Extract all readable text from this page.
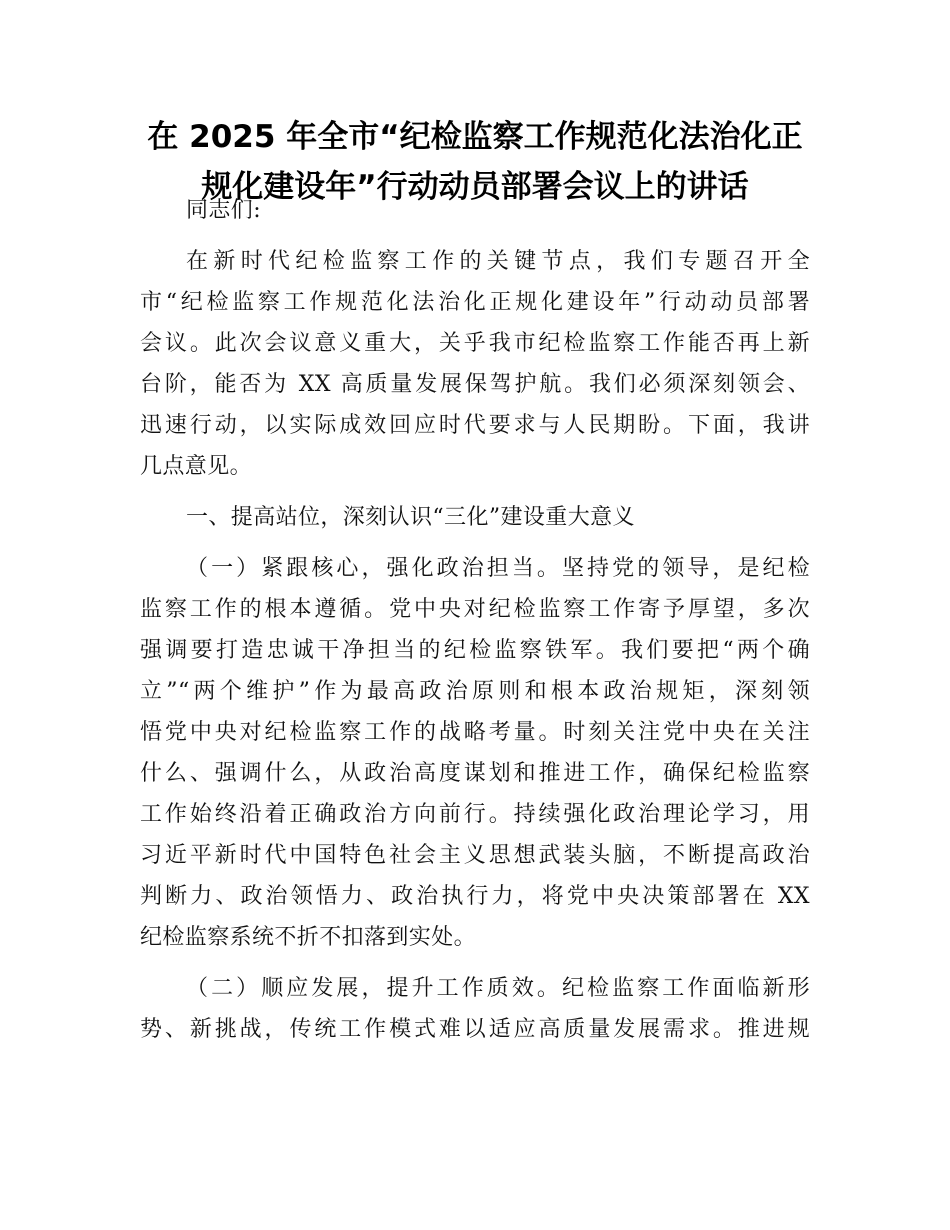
在 2025 年全市“纪检监察工作规范化法治化正
规化建设年”行动动员部署会议上的讲话
同志们:
在新时代纪检监察工作的关键节点，我们专题召开全
市“纪检监察工作规范化法治化正规化建设年”行动动员部署
会议。此次会议意义重大，关乎我市纪检监察工作能否再上新
台阶，能否为 XX 高质量发展保驾护航。我们必须深刻领会、
迅速行动，以实际成效回应时代要求与人民期盼。下面，我讲
几点意见。
一、提高站位，深刻认识“三化”建设重大意义
（一）紧跟核心，强化政治担当。坚持党的领导，是纪检
监察工作的根本遵循。党中央对纪检监察工作寄予厚望，多次
强调要打造忠诚干净担当的纪检监察铁军。我们要把“两个确
立”“两个维护”作为最高政治原则和根本政治规矩，深刻领
悟党中央对纪检监察工作的战略考量。时刻关注党中央在关注
什么、强调什么，从政治高度谋划和推进工作，确保纪检监察
工作始终沿着正确政治方向前行。持续强化政治理论学习，用
习近平新时代中国特色社会主义思想武装头脑，不断提高政治
判断力、政治领悟力、政治执行力，将党中央决策部署在 XX
纪检监察系统不折不扣落到实处。
（二）顺应发展，提升工作质效。纪检监察工作面临新形
势、新挑战，传统工作模式难以适应高质量发展需求。推进规
